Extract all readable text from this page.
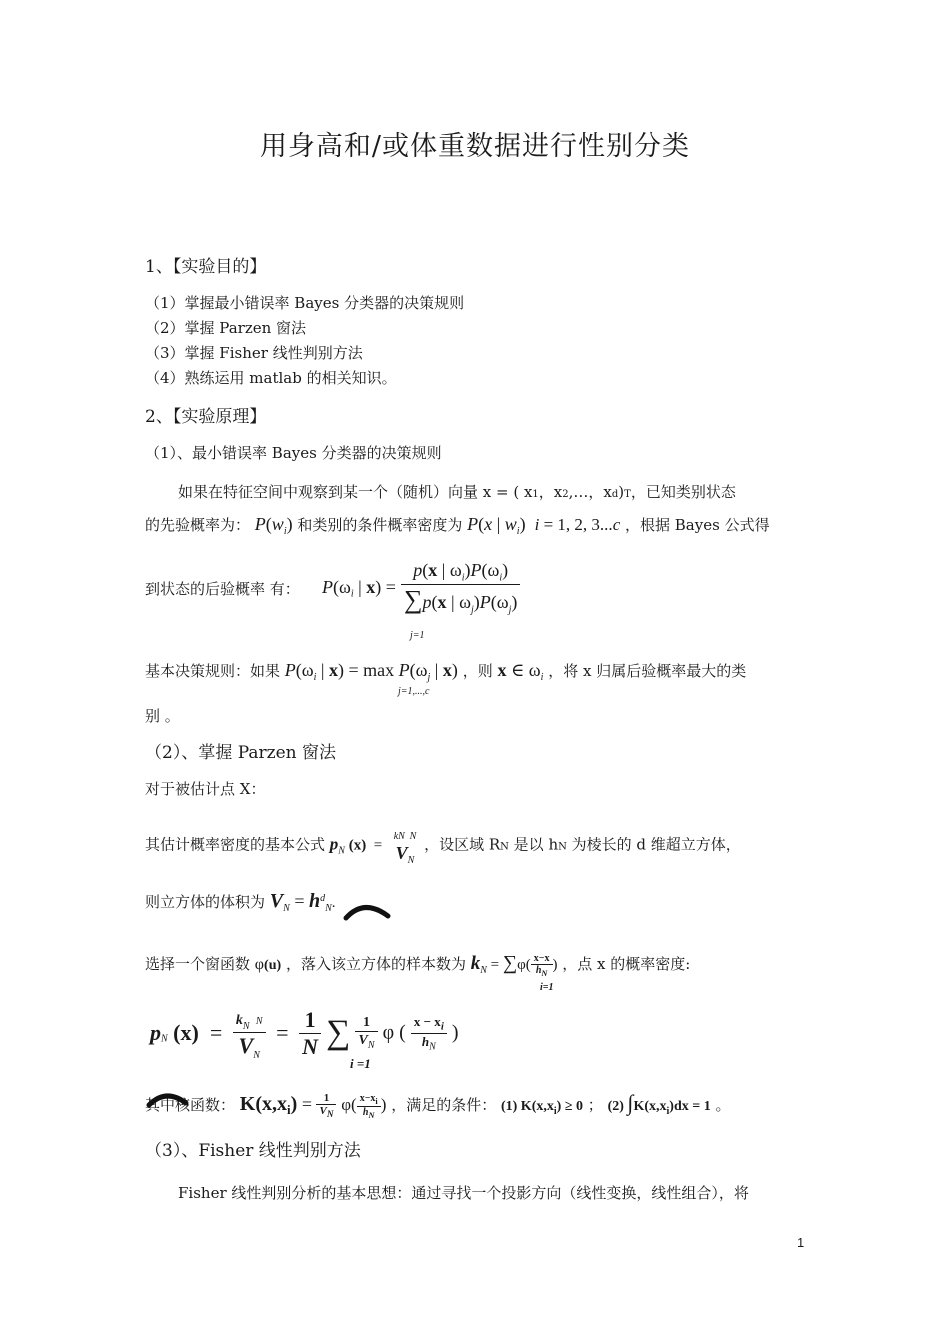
用身高和/或体重数据进行性别分类
1、【实验目的】
（1）掌握最小错误率 Bayes 分类器的决策规则
（2）掌握 Parzen 窗法
（3）掌握 Fisher 线性判别方法
（4）熟练运用 matlab 的相关知识。
2、【实验原理】
（1）、最小错误率 Bayes 分类器的决策规则
如果在特征空间中观察到某一个（随机）向量 x = ( x1，x2,…，xd)T，已知类别状态
的先验概率为： $P(w_i)$ 和类别的条件概率密度为 P(x | $w_i$)  i = 1, 2, 3...c ，根据 Bayes 公式得
到状态的后验概率 有： $P(\omega_i$ | $x) = \frac{p(x | \omega_i)P(\omega_i)}{\sum p(x | \omega_j)P(\omega_j)}$
j=1
基本决策规则：如果 $P(\omega_i$ | $x) = \max P(\omega_j$ | x) ，则 x ∈ $\omega_i$ ，将 x 归属后验概率最大的类
j=1,...,c
别 。
（2）、掌握 Parzen 窗法
对于被估计点 X：
其估计概率密度的基本公式 $p_N$ (x)  =
kN N
$V_N$
，设区域 RN 是以 hN 为棱长的 d 维超立方体，
则立方体的体积为 $V_N = h^d_N$.
选择一个窗函数 φ(u) ，落入该立方体的样本数为 $k_N = \sum\varphi( \frac{x-x}{h_N}$ ) ，点 x 的概率密度:
i=1
$p_N$ $(x) = \frac{k_N N}{V_N} = \frac{1}{N}$ ∑ $\frac{1}{V_N}$ φ ( $\frac{x - x_i}{h_N}$ )
i =1
其中核函数： $K(x,x_i) = \frac{1}{V_N} \varphi( \frac{x-x_i}{h_N}$ ) ，满足的条件： (1) $K(x,x_i) \ge 0$ ； (2) $\int K(x,x_i)dx = 1$ 。
（3）、Fisher 线性判别方法
Fisher 线性判别分析的基本思想：通过寻找一个投影方向（线性变换，线性组合），将
1
